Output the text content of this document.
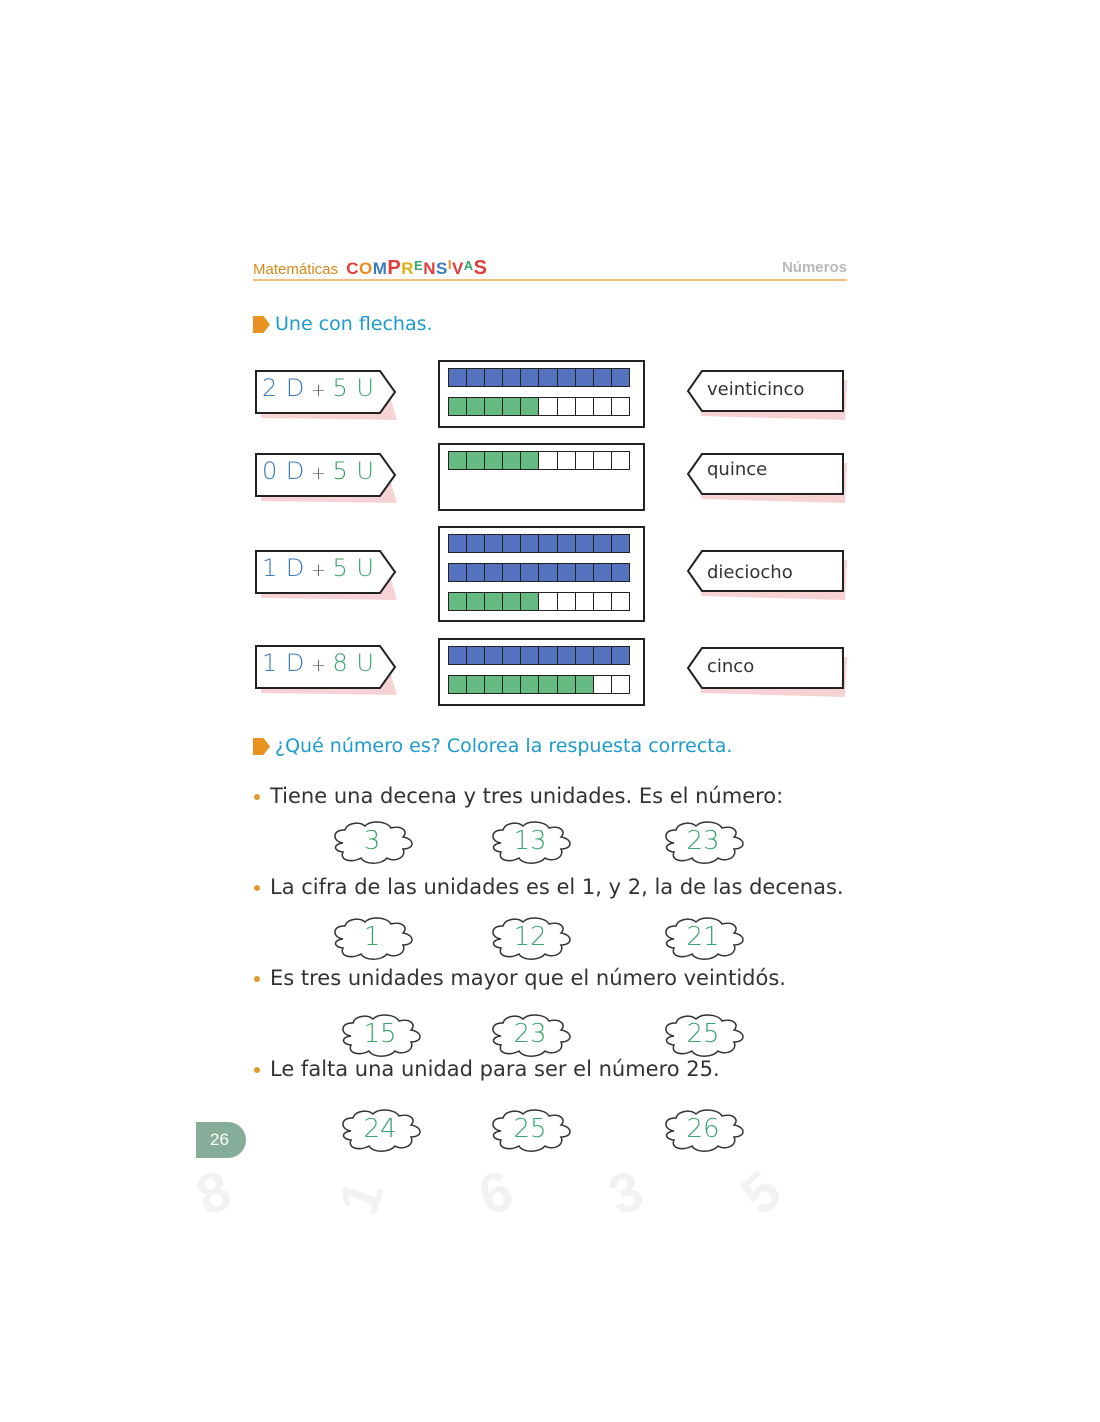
Matemáticas COMPRENSIVAS	Números
Une con flechas.
2 D + 5 U
0 D + 5 U
1 D + 5 U
1 D + 8 U
veinticinco
quince
dieciocho
cinco
¿Qué número es? Colorea la respuesta correcta.
Tiene una decena y tres unidades. Es el número:
La cifra de las unidades es el 1, y 2, la de las decenas.
Es tres unidades mayor que el número veintidós.
Le falta una unidad para ser el número 25.
3	13	23
1	12	21
15	23	25
24	25	26
26
8 1 6 3 5
